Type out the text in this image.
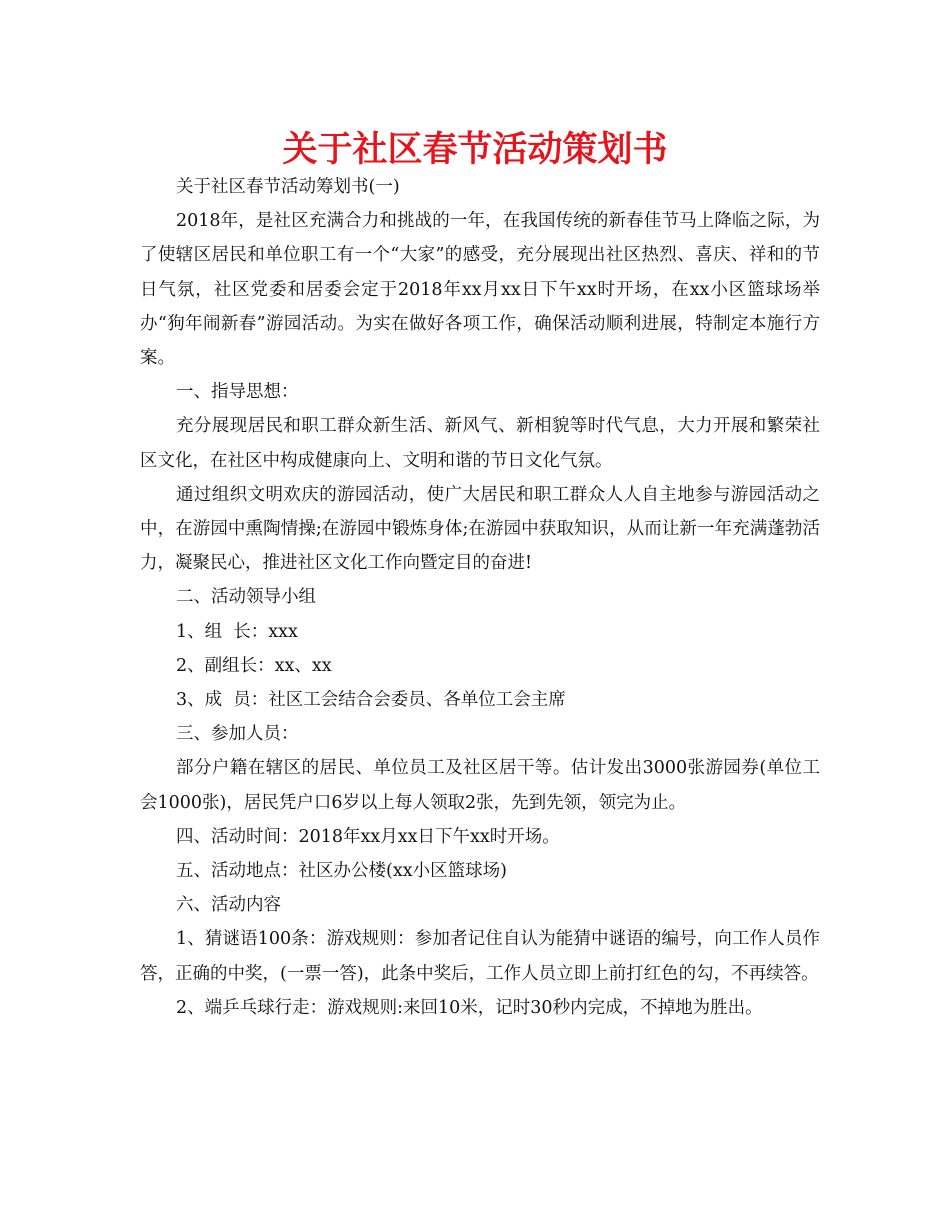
关于社区春节活动策划书

关于社区春节活动筹划书(一)

2018年，是社区充满合力和挑战的一年，在我国传统的新春佳节马上降临之际，为了使辖区居民和单位职工有一个“大家”的感受，充分展现出社区热烈、喜庆、祥和的节日气氛，社区党委和居委会定于2018年xx月xx日下午xx时开场，在xx小区篮球场举办“狗年闹新春”游园活动。为实在做好各项工作，确保活动顺利进展，特制定本施行方案。

一、指导思想：

充分展现居民和职工群众新生活、新风气、新相貌等时代气息，大力开展和繁荣社区文化，在社区中构成健康向上、文明和谐的节日文化气氛。

通过组织文明欢庆的游园活动，使广大居民和职工群众人人自主地参与游园活动之中，在游园中熏陶情操;在游园中锻炼身体;在游园中获取知识，从而让新一年充满蓬勃活力，凝聚民心，推进社区文化工作向暨定目的奋进!

二、活动领导小组

1、组  长：xxx

2、副组长：xx、xx

3、成  员：社区工会结合会委员、各单位工会主席

三、参加人员：

部分户籍在辖区的居民、单位员工及社区居干等。估计发出3000张游园券(单位工会1000张)，居民凭户口6岁以上每人领取2张，先到先领，领完为止。

四、活动时间：2018年xx月xx日下午xx时开场。

五、活动地点：社区办公楼(xx小区篮球场)

六、活动内容

1、猜谜语100条：游戏规则：参加者记住自认为能猜中谜语的编号，向工作人员作答，正确的中奖，(一票一答)，此条中奖后，工作人员立即上前打红色的勾，不再续答。

2、端乒乓球行走：游戏规则:来回10米，记时30秒内完成，不掉地为胜出。
